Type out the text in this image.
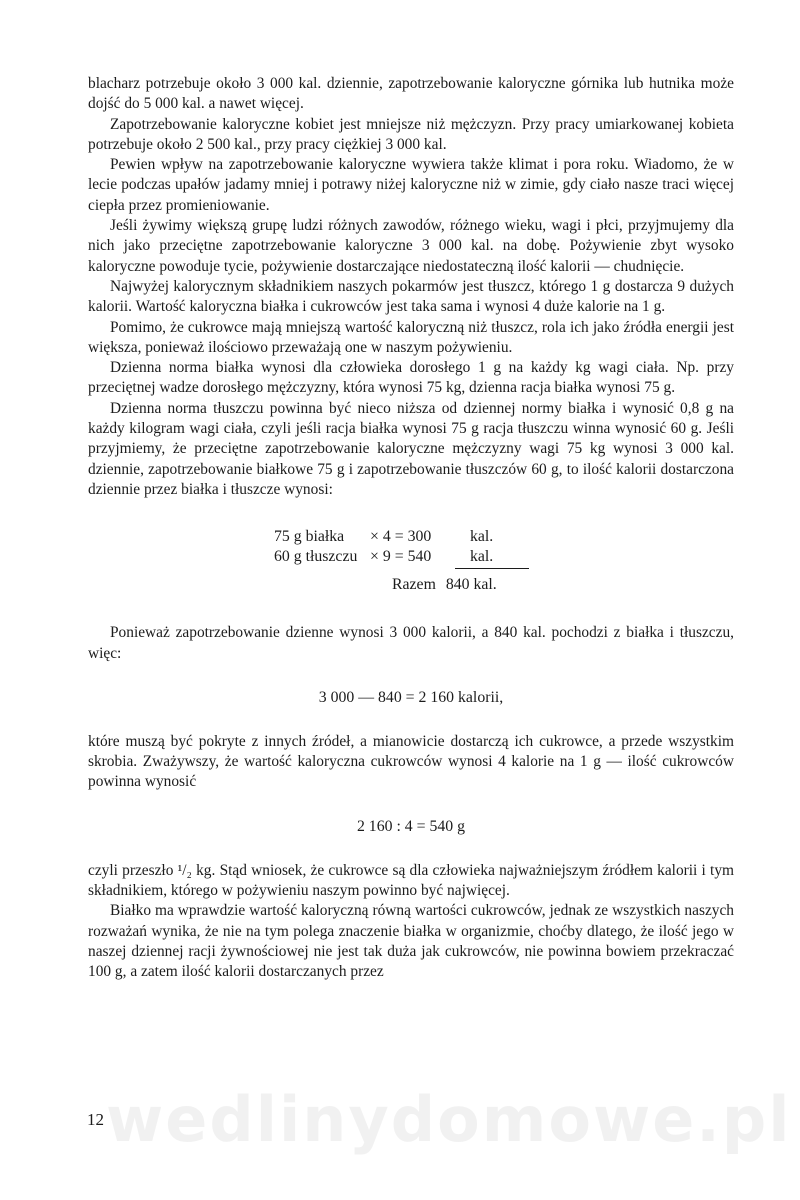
blacharz potrzebuje około 3 000 kal. dziennie, zapotrzebowanie kaloryczne górnika lub hutnika może dojść do 5 000 kal. a nawet więcej.

Zapotrzebowanie kaloryczne kobiet jest mniejsze niż mężczyzn. Przy pracy umiarkowanej kobieta potrzebuje około 2 500 kal., przy pracy ciężkiej 3 000 kal.

Pewien wpływ na zapotrzebowanie kaloryczne wywiera także klimat i pora roku. Wiadomo, że w lecie podczas upałów jadamy mniej i potrawy niżej kaloryczne niż w zimie, gdy ciało nasze traci więcej ciepła przez promieniowanie.

Jeśli żywimy większą grupę ludzi różnych zawodów, różnego wieku, wagi i płci, przyjmujemy dla nich jako przeciętne zapotrzebowanie kaloryczne 3 000 kal. na dobę. Pożywienie zbyt wysoko kaloryczne powoduje tycie, pożywienie dostarczające niedostateczną ilość kalorii — chudnięcie.

Najwyżej kalorycznym składnikiem naszych pokarmów jest tłuszcz, którego 1 g dostarcza 9 dużych kalorii. Wartość kaloryczna białka i cukrowców jest taka sama i wynosi 4 duże kalorie na 1 g.

Pomimo, że cukrowce mają mniejszą wartość kaloryczną niż tłuszcz, rola ich jako źródła energii jest większa, ponieważ ilościowo przeważają one w naszym pożywieniu.

Dzienna norma białka wynosi dla człowieka dorosłego 1 g na każdy kg wagi ciała. Np. przy przeciętnej wadze dorosłego mężczyzny, która wynosi 75 kg, dzienna racja białka wynosi 75 g.

Dzienna norma tłuszczu powinna być nieco niższa od dziennej normy białka i wynosić 0,8 g na każdy kilogram wagi ciała, czyli jeśli racja białka wynosi 75 g racja tłuszczu winna wynosić 60 g. Jeśli przyjmiemy, że przeciętne zapotrzebowanie kaloryczne mężczyzny wagi 75 kg wynosi 3 000 kal. dziennie, zapotrzebowanie białkowe 75 g i zapotrzebowanie tłuszczów 60 g, to ilość kalorii dostarczona dziennie przez białka i tłuszcze wynosi:

75 g białka × 4 = 300 kal.
60 g tłuszczu × 9 = 540 kal.
Razem 840 kal.

Ponieważ zapotrzebowanie dzienne wynosi 3 000 kalorii, a 840 kal. pochodzi z białka i tłuszczu, więc:

3 000 — 840 = 2 160 kalorii,

które muszą być pokryte z innych źródeł, a mianowicie dostarczą ich cukrowce, a przede wszystkim skrobia. Zważywszy, że wartość kaloryczna cukrowców wynosi 4 kalorie na 1 g — ilość cukrowców powinna wynosić

2 160 : 4 = 540 g

czyli przeszło ¹/₂ kg. Stąd wniosek, że cukrowce są dla człowieka najważniejszym źródłem kalorii i tym składnikiem, którego w pożywieniu naszym powinno być najwięcej.

Białko ma wprawdzie wartość kaloryczną równą wartości cukrowców, jednak ze wszystkich naszych rozważań wynika, że nie na tym polega znaczenie białka w organizmie, choćby dlatego, że ilość jego w naszej dziennej racji żywnościowej nie jest tak duża jak cukrowców, nie powinna bowiem przekraczać 100 g, a zatem ilość kalorii dostarczanych przez

wedlinydomowe.pl
12
